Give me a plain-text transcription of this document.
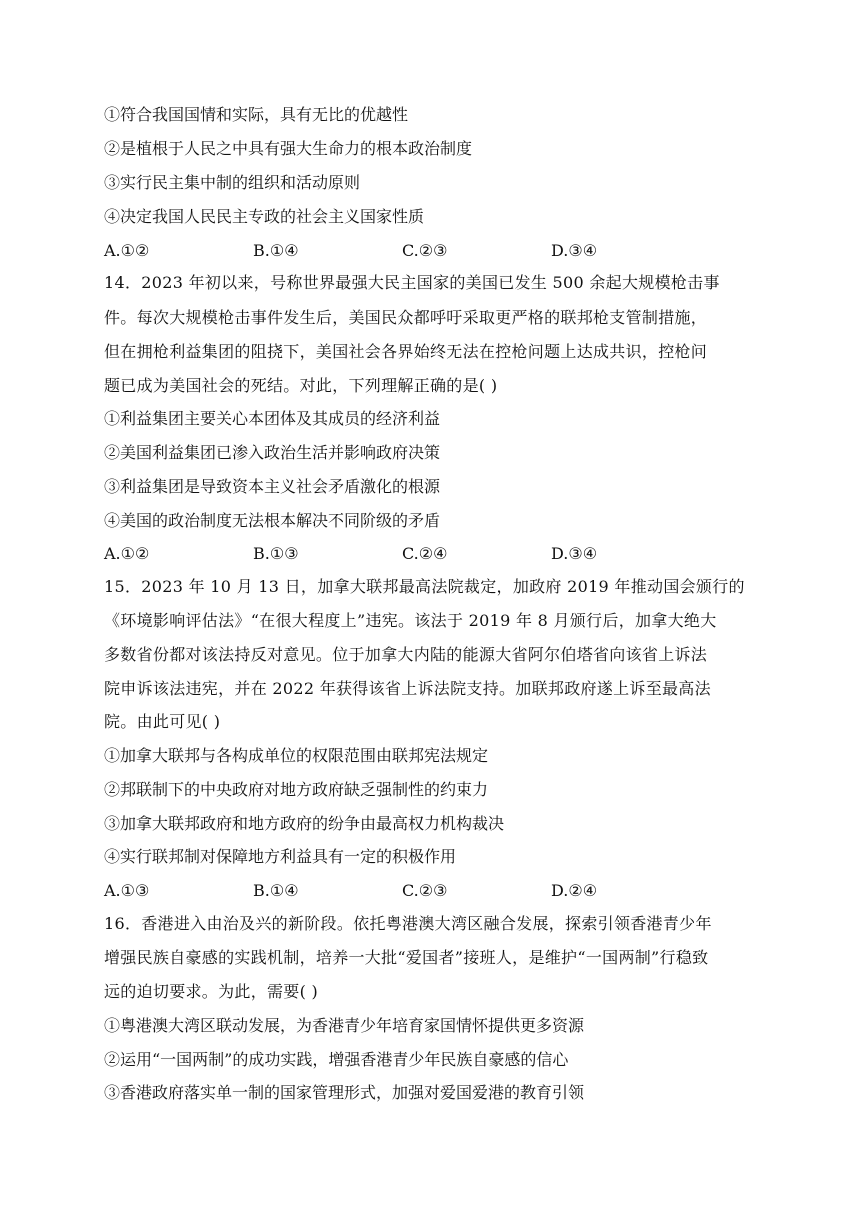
①符合我国国情和实际，具有无比的优越性
②是植根于人民之中具有强大生命力的根本政治制度
③实行民主集中制的组织和活动原则
④决定我国人民民主专政的社会主义国家性质
A.①②	B.①④	C.②③	D.③④
14．2023 年初以来，号称世界最强大民主国家的美国已发生 500 余起大规模枪击事
件。每次大规模枪击事件发生后，美国民众都呼吁采取更严格的联邦枪支管制措施，
但在拥枪利益集团的阻挠下，美国社会各界始终无法在控枪问题上达成共识，控枪问
题已成为美国社会的死结。对此，下列理解正确的是( )
①利益集团主要关心本团体及其成员的经济利益
②美国利益集团已渗入政治生活并影响政府决策
③利益集团是导致资本主义社会矛盾激化的根源
④美国的政治制度无法根本解决不同阶级的矛盾
A.①②	B.①③	C.②④	D.③④
15．2023 年 10 月 13 日，加拿大联邦最高法院裁定，加政府 2019 年推动国会颁行的
《环境影响评估法》“在很大程度上”违宪。该法于 2019 年 8 月颁行后，加拿大绝大
多数省份都对该法持反对意见。位于加拿大内陆的能源大省阿尔伯塔省向该省上诉法
院申诉该法违宪，并在 2022 年获得该省上诉法院支持。加联邦政府遂上诉至最高法
院。由此可见( )
①加拿大联邦与各构成单位的权限范围由联邦宪法规定
②邦联制下的中央政府对地方政府缺乏强制性的约束力
③加拿大联邦政府和地方政府的纷争由最高权力机构裁决
④实行联邦制对保障地方利益具有一定的积极作用
A.①③	B.①④	C.②③	D.②④
16．香港进入由治及兴的新阶段。依托粤港澳大湾区融合发展，探索引领香港青少年
增强民族自豪感的实践机制，培养一大批“爱国者”接班人，是维护“一国两制”行稳致
远的迫切要求。为此，需要( )
①粤港澳大湾区联动发展，为香港青少年培育家国情怀提供更多资源
②运用“一国两制”的成功实践，增强香港青少年民族自豪感的信心
③香港政府落实单一制的国家管理形式，加强对爱国爱港的教育引领
